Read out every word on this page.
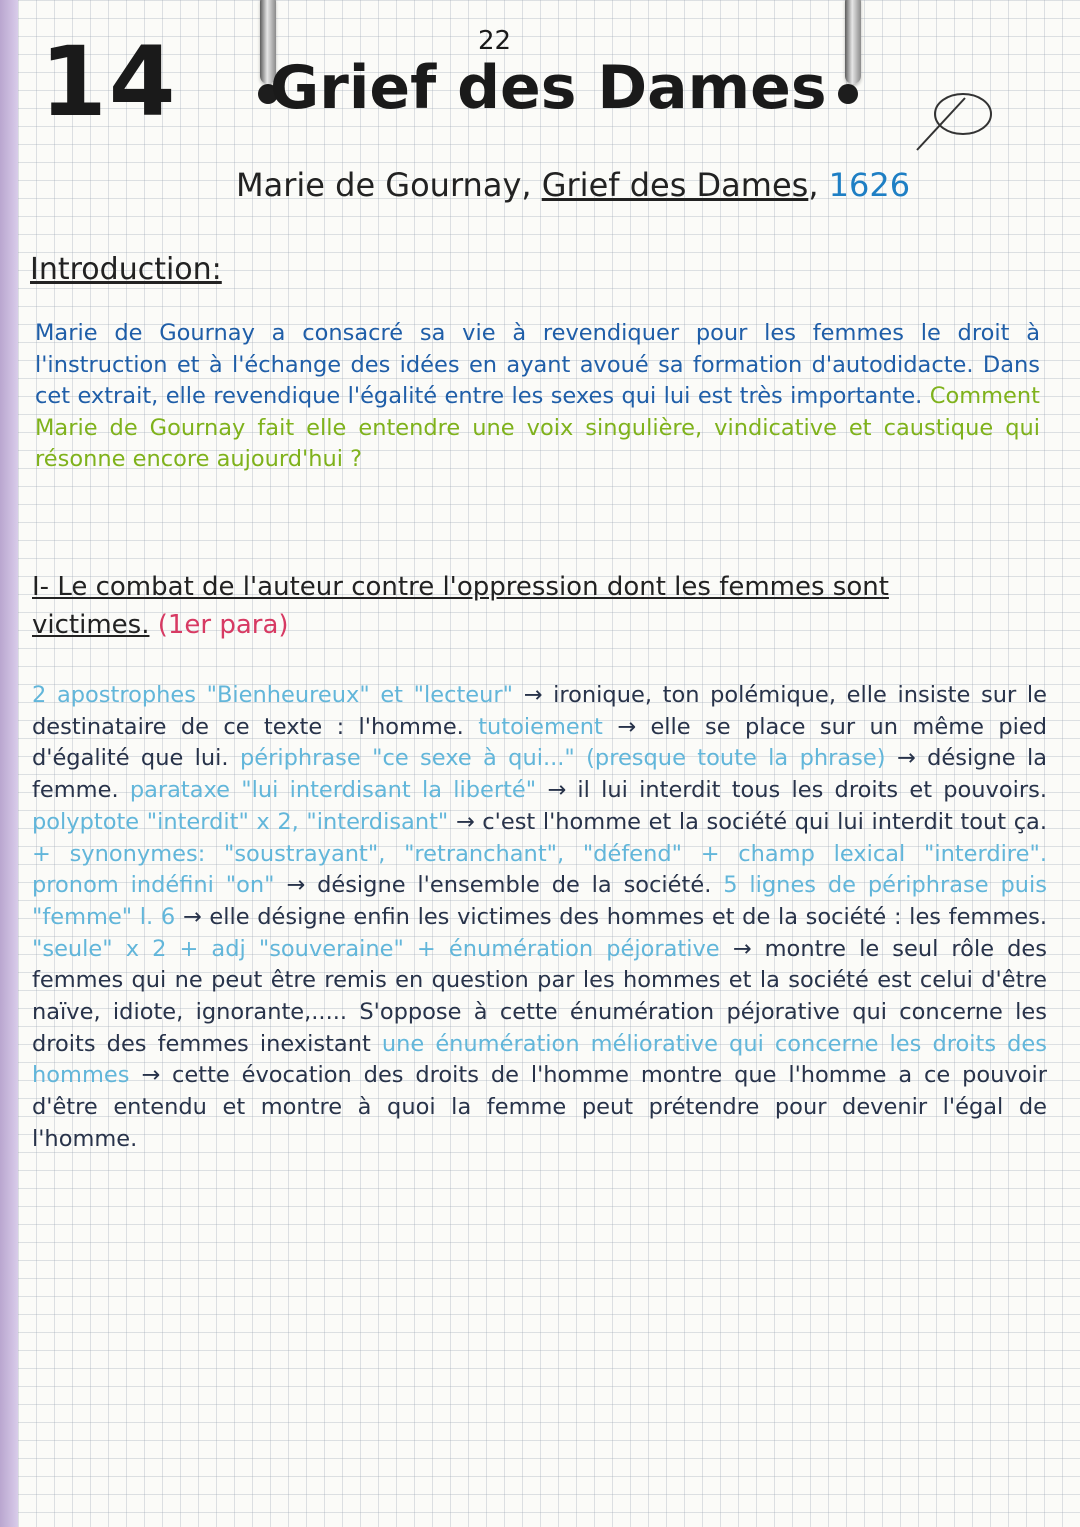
14	22
Grief des Dames
Marie de Gournay, Grief des Dames, 1626
Introduction:
Marie de Gournay a consacré sa vie à revendiquer pour les femmes le droit à l'instruction et à l'échange des idées en ayant avoué sa formation d'autodidacte. Dans cet extrait, elle revendique l'égalité entre les sexes qui lui est très importante. Comment Marie de Gournay fait elle entendre une voix singulière, vindicative et caustique qui résonne encore aujourd'hui ?
I- Le combat de l'auteur contre l'oppression dont les femmes sont victimes. (1er para)
2 apostrophes "Bienheureux" et "lecteur" → ironique, ton polémique, elle insiste sur le destinataire de ce texte : l'homme. tutoiement → elle se place sur un même pied d'égalité que lui. périphrase "ce sexe à qui..." (presque toute la phrase) → désigne la femme. parataxe "lui interdisant la liberté" → il lui interdit tous les droits et pouvoirs. polyptote "interdit" x 2, "interdisant" → c'est l'homme et la société qui lui interdit tout ça. + synonymes: "soustrayant", "retranchant", "défend" + champ lexical "interdire". pronom indéfini "on" → désigne l'ensemble de la société. 5 lignes de périphrase puis "femme" l. 6 → elle désigne enfin les victimes des hommes et de la société : les femmes. "seule" x 2 + adj "souveraine" + énumération péjorative → montre le seul rôle des femmes qui ne peut être remis en question par les hommes et la société est celui d'être naïve, idiote, ignorante,..... S'oppose à cette énumération péjorative qui concerne les droits des femmes inexistant une énumération méliorative qui concerne les droits des hommes → cette évocation des droits de l'homme montre que l'homme a ce pouvoir d'être entendu et montre à quoi la femme peut prétendre pour devenir l'égal de l'homme.
